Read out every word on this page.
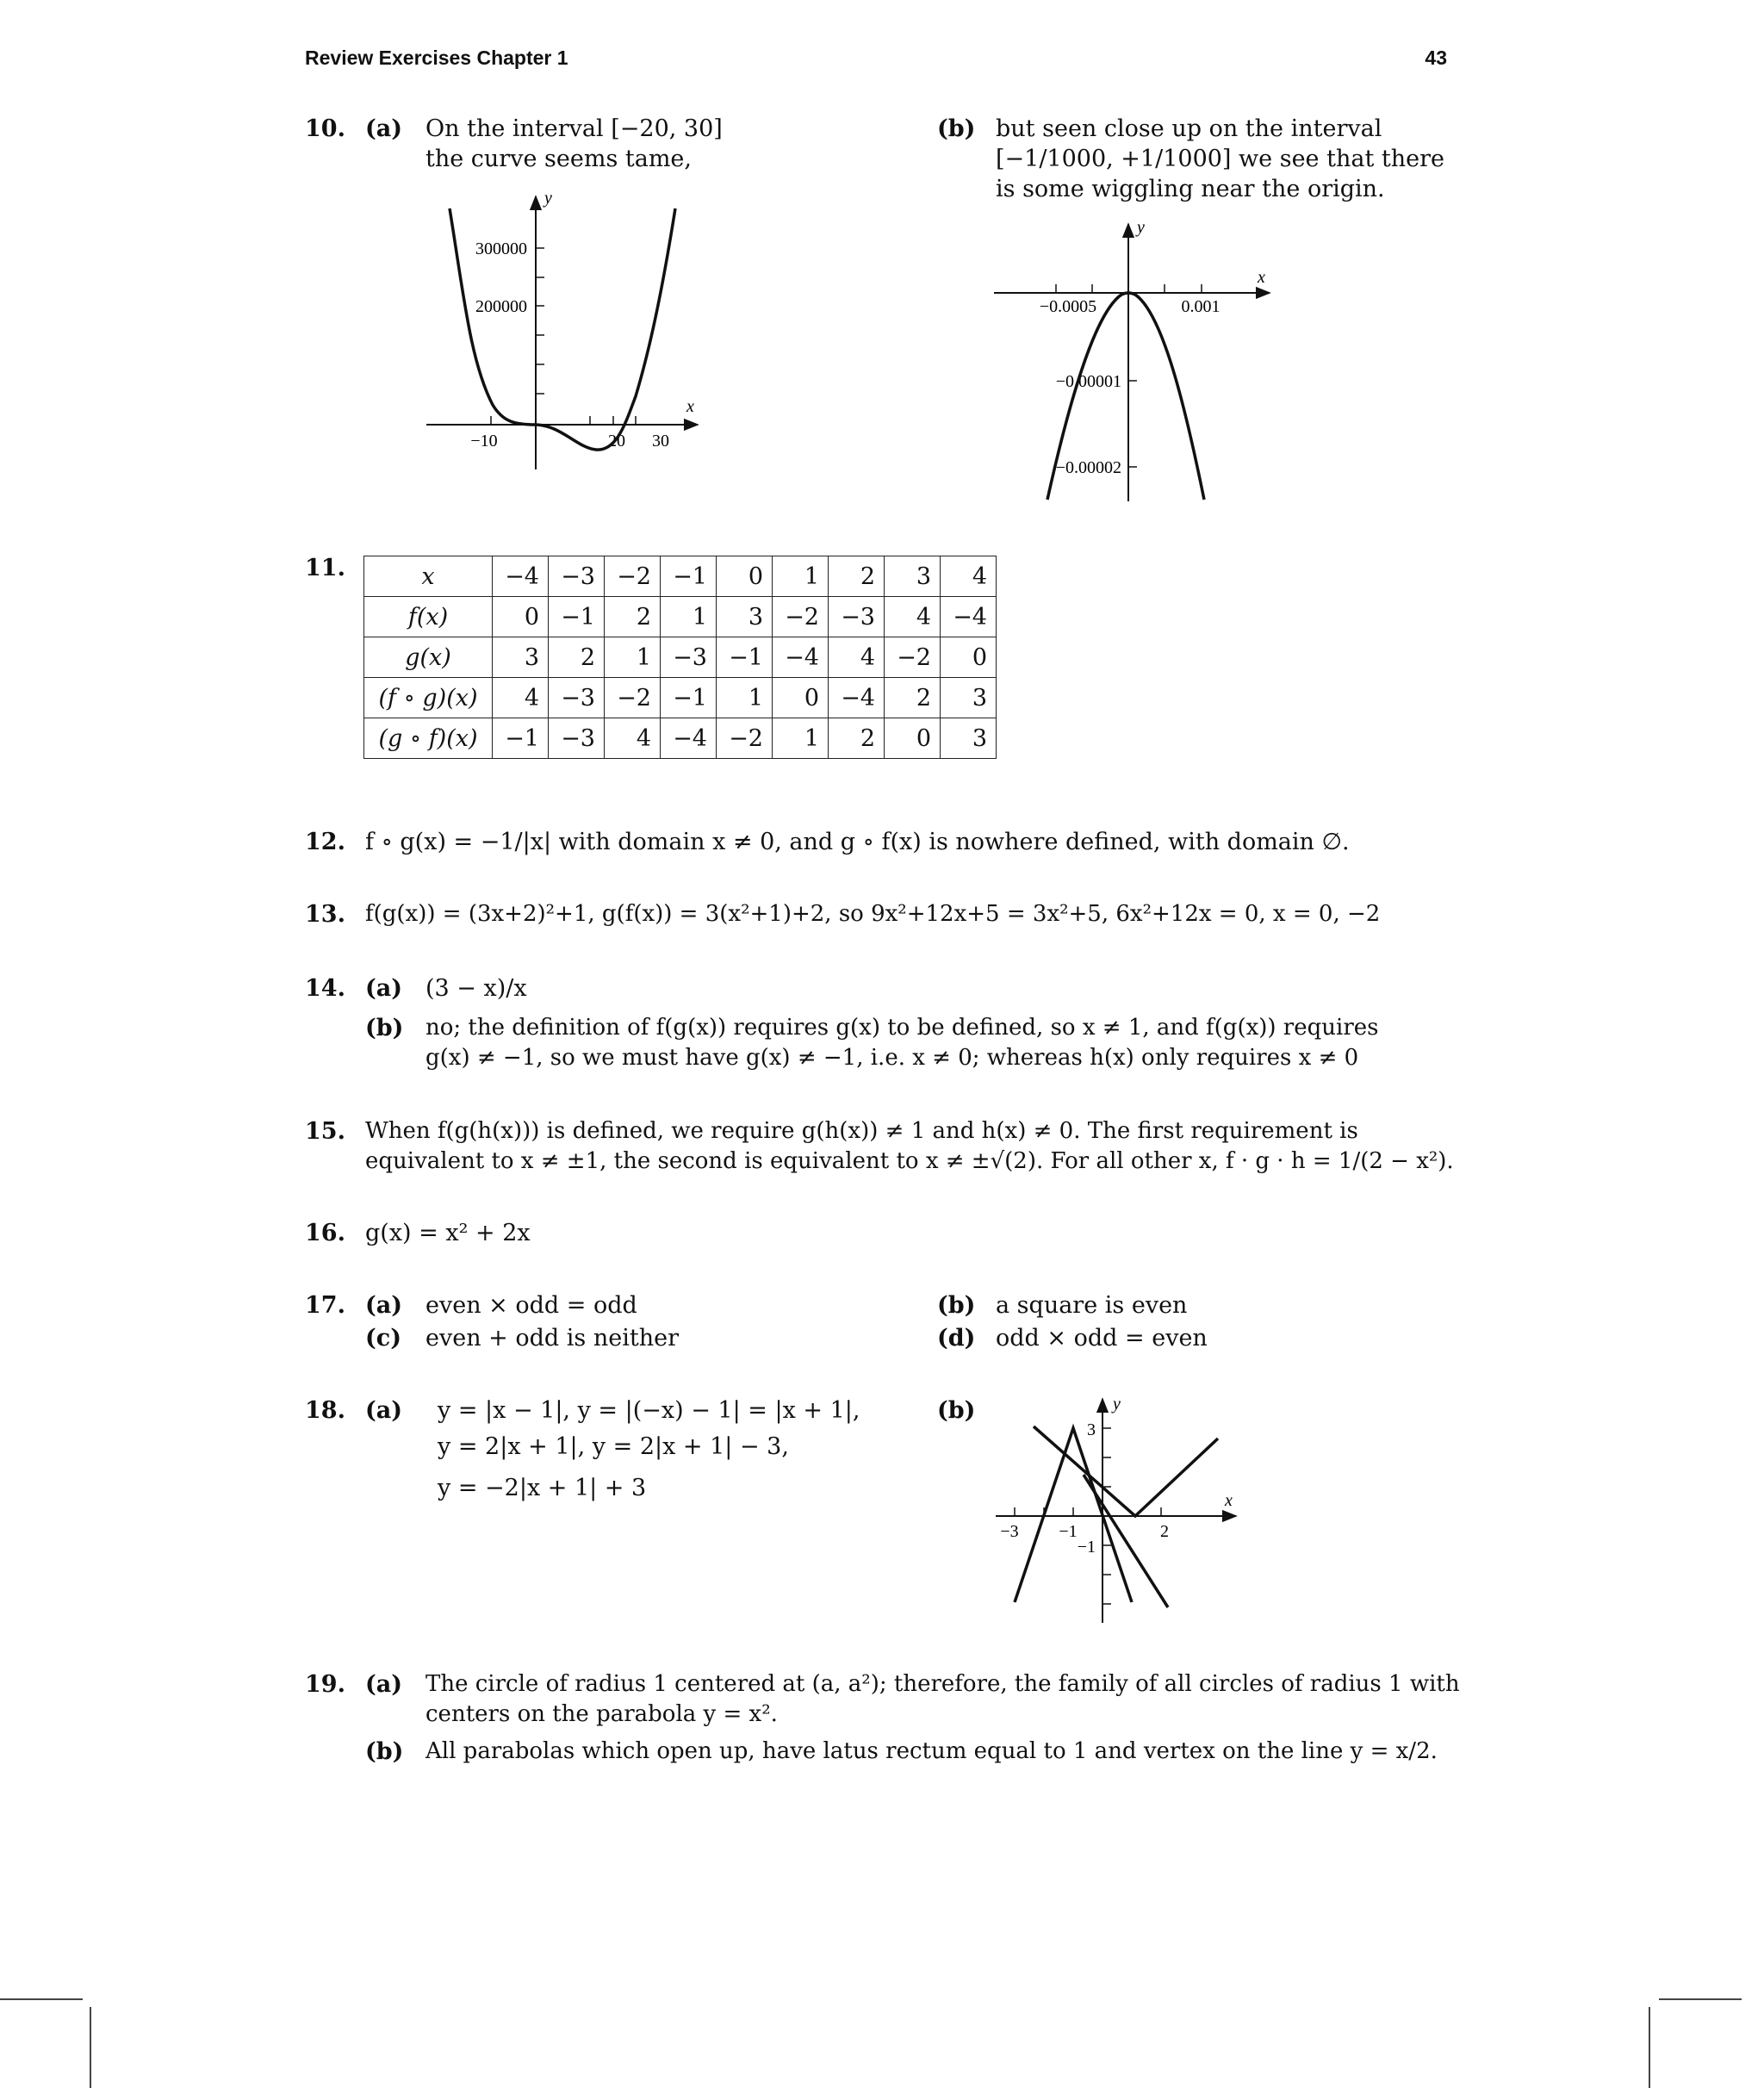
Review Exercises Chapter 1	43
10. (a) On the interval [−20, 30]
the curve seems tame,
(b) but seen close up on the interval
[−1/1000, +1/1000] we see that there
is some wiggling near the origin.
y
x
300000
200000
−10	20 30
y
x
−0.0005	0.001
−0.00001
−0.00002
11.	x	−4	−3	−2	−1	0	1	2	3	4
f(x)	0	−1	2	1	3	−2	−3	4	−4
g(x)	3	2	1	−3	−1	−4	4	−2	0
(f ∘ g)(x)	4	−3	−2	−1	1	0	−4	2	3
(g ∘ f)(x)	−1	−3	4	−4	−2	1	2	0	3
12. f ∘ g(x) = −1/|x| with domain x ≠ 0, and g ∘ f(x) is nowhere defined, with domain ∅.
13. f(g(x)) = (3x+2)²+1, g(f(x)) = 3(x²+1)+2, so 9x²+12x+5 = 3x²+5, 6x²+12x = 0, x = 0, −2
14. (a) (3 − x)/x
(b) no; the definition of f(g(x)) requires g(x) to be defined, so x ≠ 1, and f(g(x)) requires
g(x) ≠ −1, so we must have g(x) ≠ −1, i.e. x ≠ 0; whereas h(x) only requires x ≠ 0
15. When f(g(h(x))) is defined, we require g(h(x)) ≠ 1 and h(x) ≠ 0. The first requirement is
equivalent to x ≠ ±1, the second is equivalent to x ≠ ±√(2). For all other x, f · g · h = 1/(2 − x²).
16. g(x) = x² + 2x
17. (a) even × odd = odd
(c) even + odd is neither
(b) a square is even
(d) odd × odd = even
18. (a) y = |x − 1|, y = |(−x) − 1| = |x + 1|,
y = 2|x + 1|, y = 2|x + 1| − 3,
y = −2|x + 1| + 3
(b)	y
x
−3 −1	2
3
−1
19. (a) The circle of radius 1 centered at (a, a²); therefore, the family of all circles of radius 1 with
centers on the parabola y = x².
(b) All parabolas which open up, have latus rectum equal to 1 and vertex on the line y = x/2.
